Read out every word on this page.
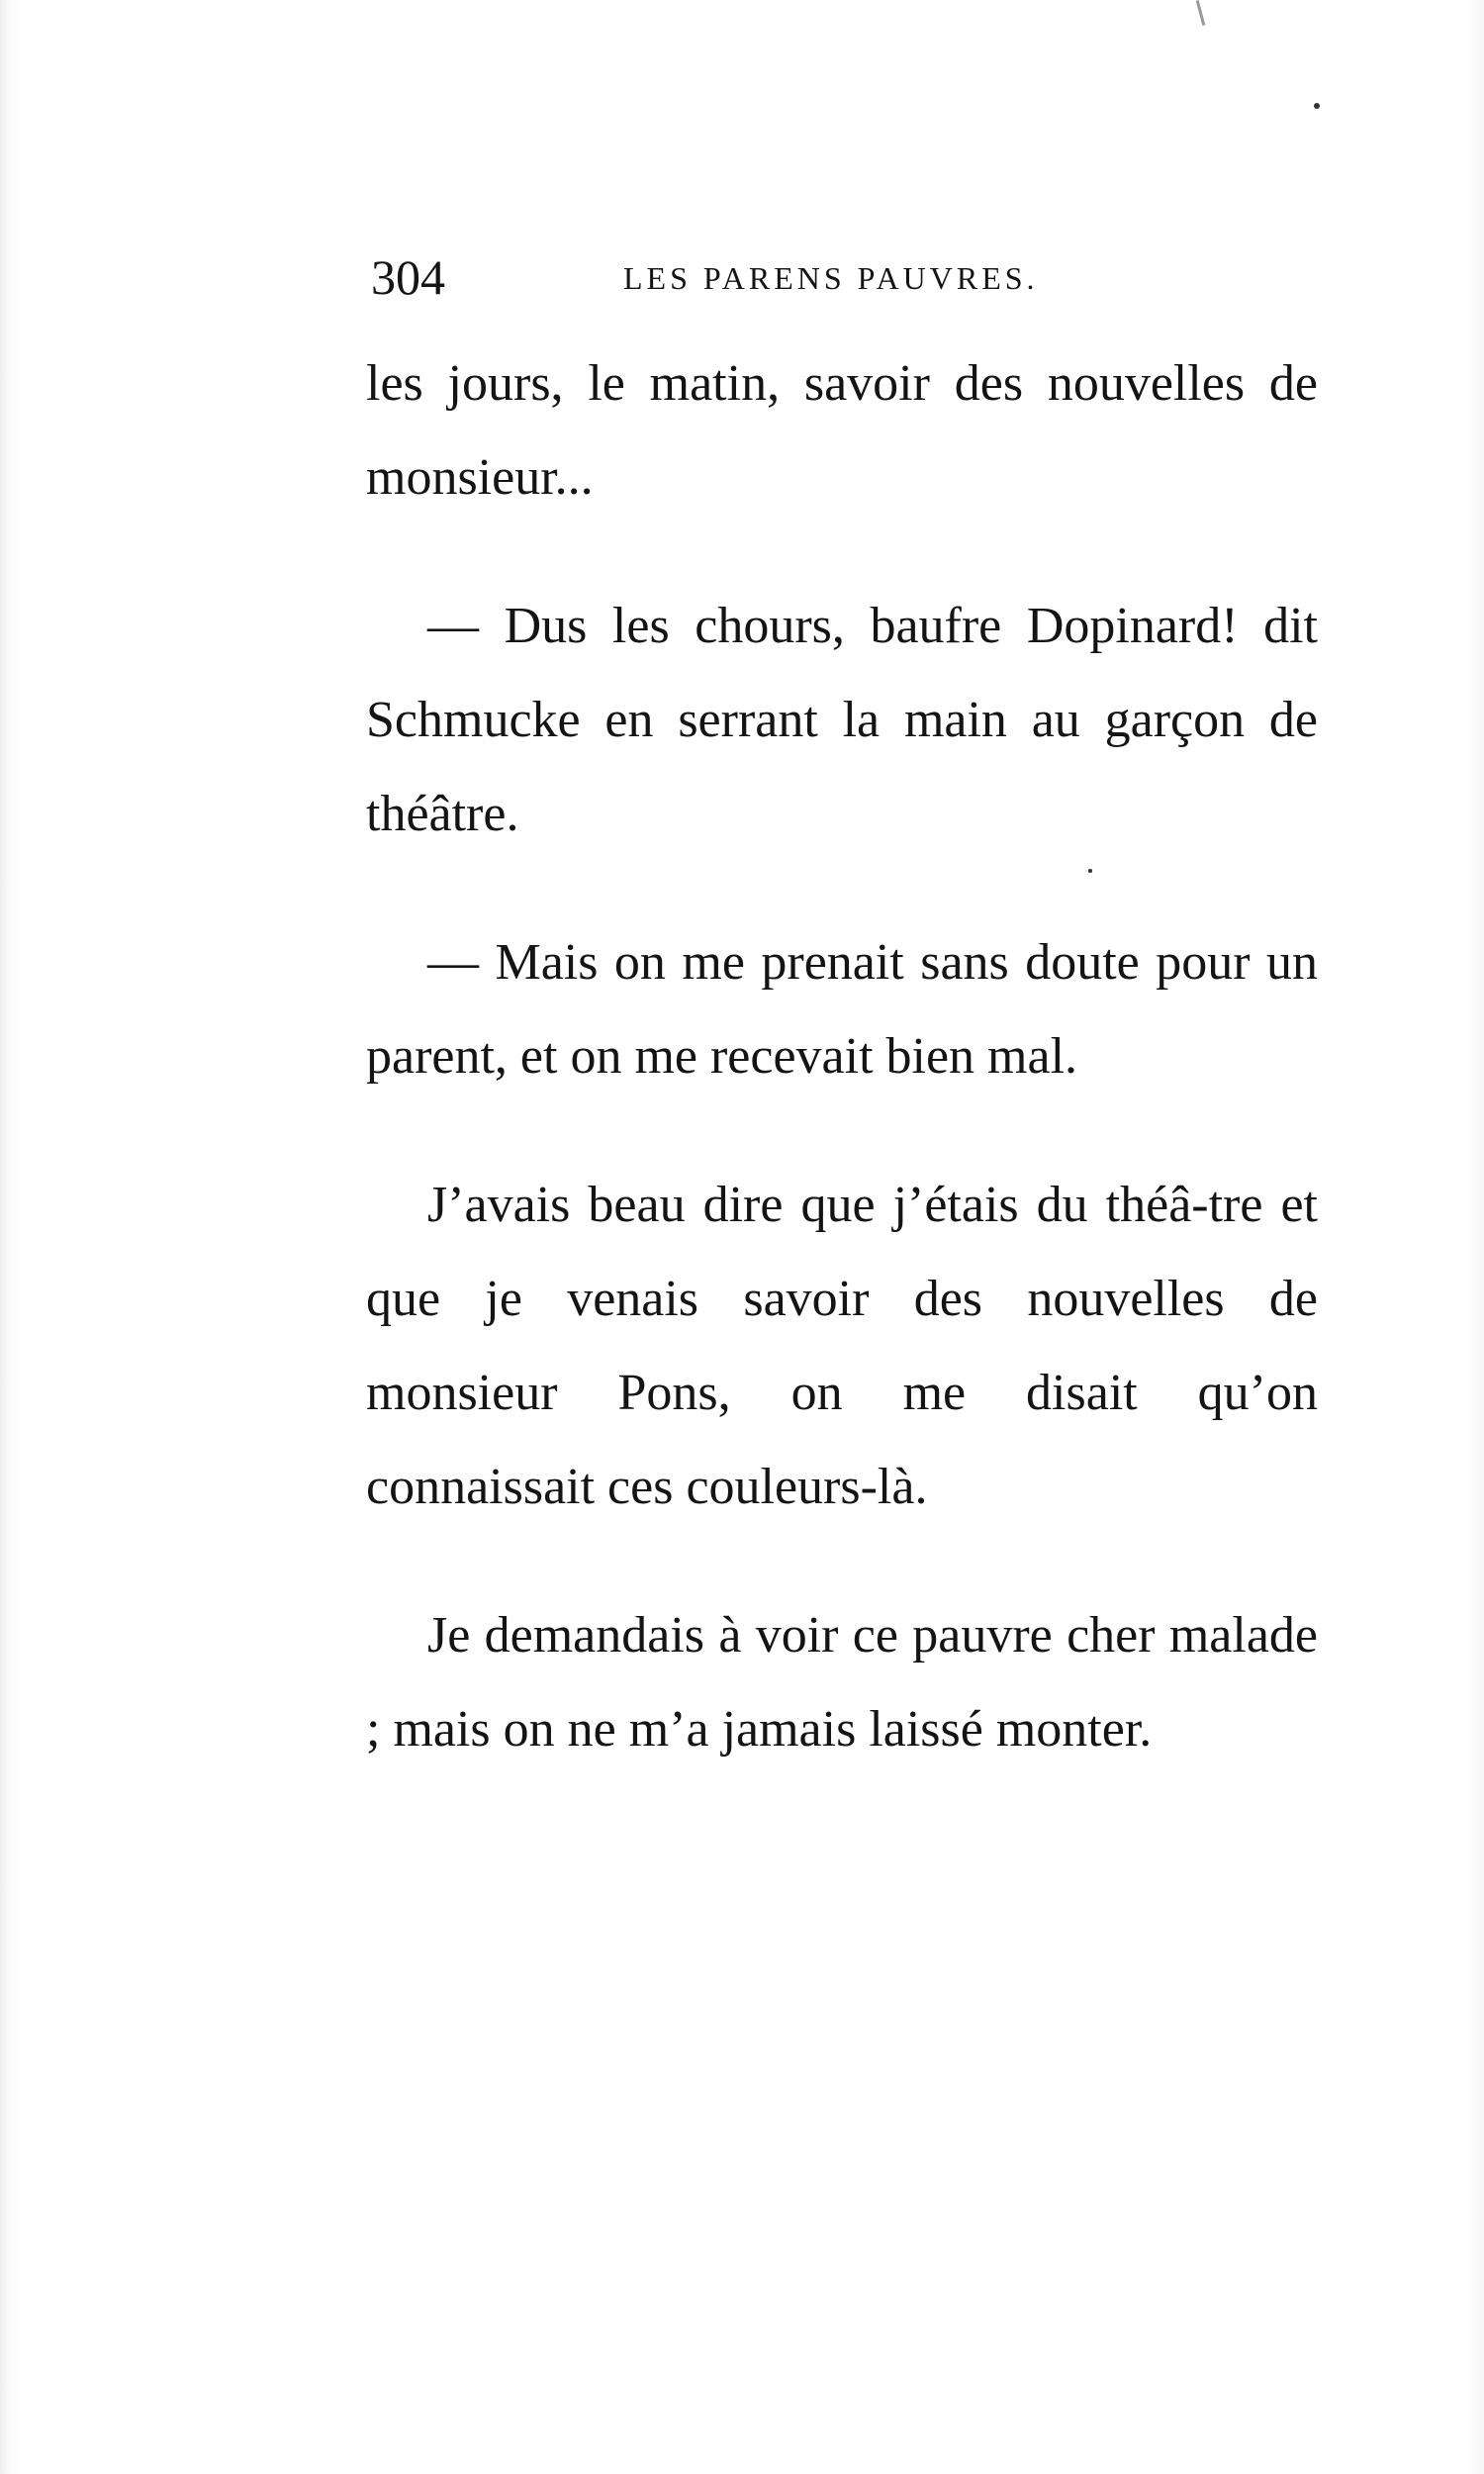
304	LES PARENS PAUVRES.

les jours, le matin, savoir des nouvelles de monsieur...

— Dus les chours, baufre Dopinard! dit Schmucke en serrant la main au garçon de théâtre.

— Mais on me prenait sans doute pour un parent, et on me recevait bien mal.

J’avais beau dire que j’étais du théâ-tre et que je venais savoir des nouvelles de monsieur Pons, on me disait qu’on connaissait ces couleurs-là.

Je demandais à voir ce pauvre cher malade ; mais on ne m’a jamais laissé monter.
